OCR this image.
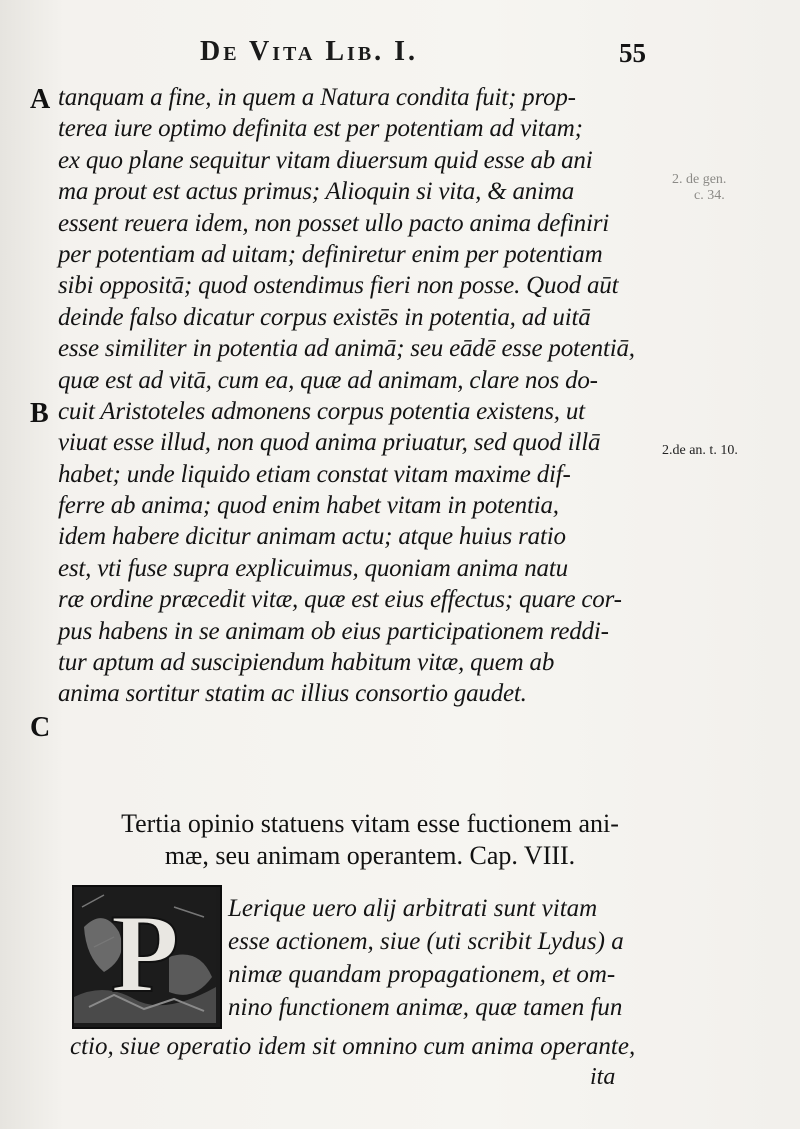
De Vita Lib. I.	55
A
B
C
2. de gen.
c. 34.
2.de an. t. 10.
tanquam a fine, in quem a Natura condita fuit; prop-
terea iure optimo definita est per potentiam ad vitam;
ex quo plane sequitur vitam diuersum quid esse ab ani
ma prout est actus primus; Alioquin si vita, & anima
essent reuera idem, non posset ullo pacto anima definiri
per potentiam ad uitam; definiretur enim per potentiam
sibi oppositā; quod ostendimus fieri non posse. Quod aūt
deinde falso dicatur corpus existēs in potentia, ad uitā
esse similiter in potentia ad animā; seu eādē esse potentiā,
quæ est ad vitā, cum ea, quæ ad animam, clare nos do-
cuit Aristoteles admonens corpus potentia existens, ut
viuat esse illud, non quod anima priuatur, sed quod illā
habet; unde liquido etiam constat vitam maxime dif-
ferre ab anima; quod enim habet vitam in potentia,
idem habere dicitur animam actu; atque huius ratio
est, vti fuse supra explicuimus, quoniam anima natu
ræ ordine præcedit vitæ, quæ est eius effectus; quare cor-
pus habens in se animam ob eius participationem reddi-
tur aptum ad suscipiendum habitum vitæ, quem ab
anima sortitur statim ac illius consortio gaudet.
Tertia opinio statuens vitam esse fuctionem ani-
mæ, seu animam operantem. Cap. VIII.
P Lerique uero alij arbitrati sunt vitam
esse actionem, siue (uti scribit Lydus) a
nimæ quandam propagationem, et om-
nino functionem animæ, quæ tamen fun
ctio, siue operatio idem sit omnino cum anima operante,
ita
